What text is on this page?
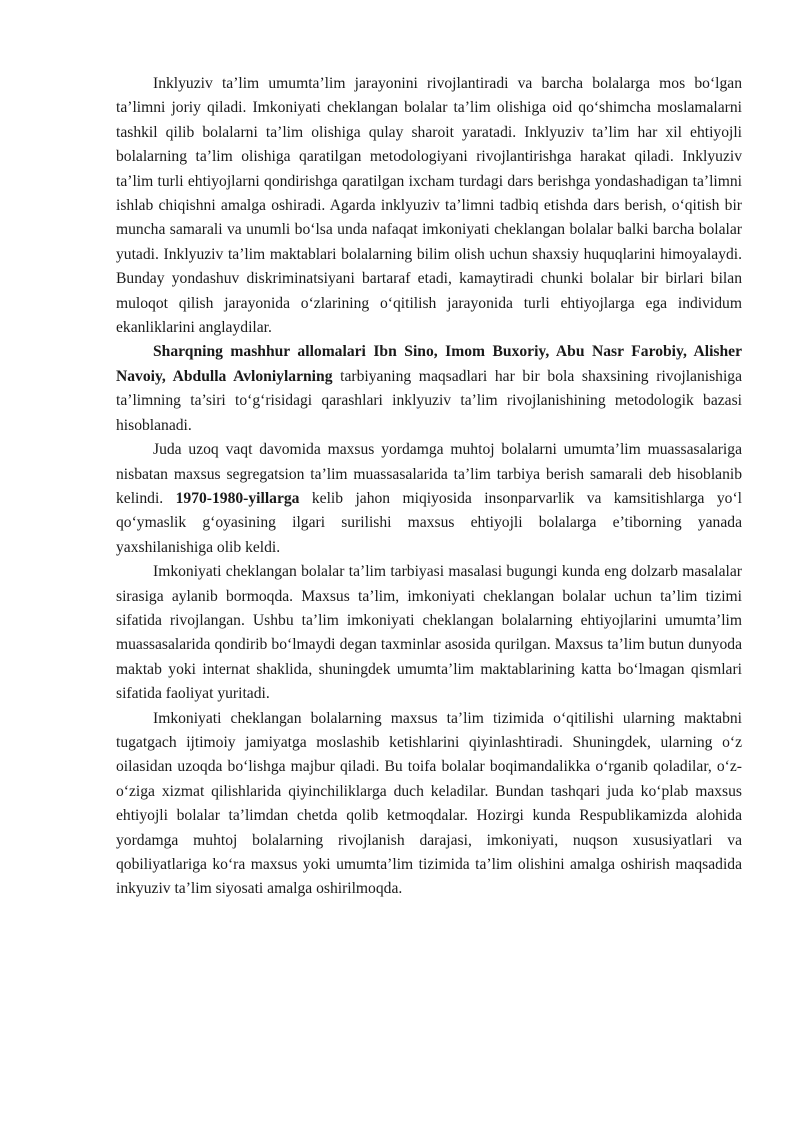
Inklyuziv ta’lim umumta’lim jarayonini rivojlantiradi va barcha bolalarga mos bo‘lgan ta’limni joriy qiladi. Imkoniyati cheklangan bolalar ta’lim olishiga oid qo‘shimcha moslamalarni tashkil qilib bolalarni ta’lim olishiga qulay sharoit yaratadi. Inklyuziv ta’lim har xil ehtiyojli bolalarning ta’lim olishiga qaratilgan metodologiyani rivojlantirishga harakat qiladi. Inklyuziv ta’lim turli ehtiyojlarni qondirishga qaratilgan ixcham turdagi dars berishga yondashadigan ta’limni ishlab chiqishni amalga oshiradi. Agarda inklyuziv ta’limni tadbiq etishda dars berish, o‘qitish bir muncha samarali va unumli bo‘lsa unda nafaqat imkoniyati cheklangan bolalar balki barcha bolalar yutadi. Inklyuziv ta’lim maktablari bolalarning bilim olish uchun shaxsiy huquqlarini himoyalaydi. Bunday yondashuv diskriminatsiyani bartaraf etadi, kamaytiradi chunki bolalar bir birlari bilan muloqot qilish jarayonida o‘zlarining o‘qitilish jarayonida turli ehtiyojlarga ega individum ekanliklarini anglaydilar.

Sharqning mashhur allomalari Ibn Sino, Imom Buxoriy, Abu Nasr Farobiy, Alisher Navoiy, Abdulla Avloniylarning tarbiyaning maqsadlari har bir bola shaxsining rivojlanishiga ta’limning ta’siri to‘g‘risidagi qarashlari inklyuziv ta’lim rivojlanishining metodologik bazasi hisoblanadi.

Juda uzoq vaqt davomida maxsus yordamga muhtoj bolalarni umumta’lim muassasalariga nisbatan maxsus segregatsion ta’lim muassasalarida ta’lim tarbiya berish samarali deb hisoblanib kelindi. 1970-1980-yillarga kelib jahon miqiyosida insonparvarlik va kamsitishlarga yo‘l qo‘ymaslik g‘oyasining ilgari surilishi maxsus ehtiyojli bolalarga e’tiborning yanada yaxshilanishiga olib keldi.

Imkoniyati cheklangan bolalar ta’lim tarbiyasi masalasi bugungi kunda eng dolzarb masalalar sirasiga aylanib bormoqda. Maxsus ta’lim, imkoniyati cheklangan bolalar uchun ta’lim tizimi sifatida rivojlangan. Ushbu ta’lim imkoniyati cheklangan bolalarning ehtiyojlarini umumta’lim muassasalarida qondirib bo‘lmaydi degan taxminlar asosida qurilgan. Maxsus ta’lim butun dunyoda maktab yoki internat shaklida, shuningdek umumta’lim maktablarining katta bo‘lmagan qismlari sifatida faoliyat yuritadi.

Imkoniyati cheklangan bolalarning maxsus ta’lim tizimida o‘qitilishi ularning maktabni tugatgach ijtimoiy jamiyatga moslashib ketishlarini qiyinlashtiradi. Shuningdek, ularning o‘z oilasidan uzoqda bo‘lishga majbur qiladi. Bu toifa bolalar boqimandalikka o‘rganib qoladilar, o‘z-o‘ziga xizmat qilishlarida qiyinchiliklarga duch keladilar. Bundan tashqari juda ko‘plab maxsus ehtiyojli bolalar ta’limdan chetda qolib ketmoqdalar. Hozirgi kunda Respublikamizda alohida yordamga muhtoj bolalarning rivojlanish darajasi, imkoniyati, nuqson xususiyatlari va qobiliyatlariga ko‘ra maxsus yoki umumta’lim tizimida ta’lim olishini amalga oshirish maqsadida inkyuziv ta’lim siyosati amalga oshirilmoqda.
